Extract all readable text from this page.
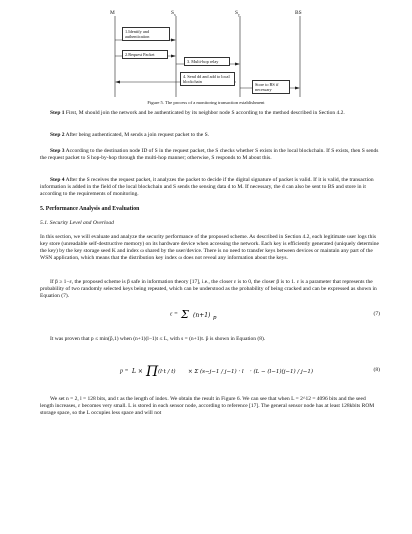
M	$S_x$	$S_y$	BS
1.Identify and authentication
2.Request Packet
3. Multi-hop relay
4. Send dd and add to local blockchain
Store to BS if necessary
Figure 5. The process of a monitoring transaction establishment
Step 1 First, M should join the network and be authenticated by its neighbor node S according to the method described in Section 4.2.
Step 2 After being authenticated, M sends a join request packet to the S.
Step 3 According to the destination node ID of S in the request packet, the S checks whether S exists in the local blockchain. If S exists, then S sends the request packet to S hop-by-hop through the multi-hop manner; otherwise, S responds to M about this.
Step 4 After the S receives the request packet, it analyzes the packet to decide if the digital signature of packet is valid. If it is valid, the transaction information is added in the field of the local blockchain and S sends the sensing data d to M. If necessary, the d can also be sent to BS and store in it according to the requirements of monitoring.
5. Performance Analysis and Evaluation
5.1. Security Level and Overload
In this section, we will evaluate and analyze the security performance of the proposed scheme. As described in Section 4.2, each legitimate user logs this key store (unreadable self-destructive memory) on its hardware device when accessing the network. Each key is efficiently generated (uniquely determine the key) by the key storage seed K and index ω shared by the user/device. There is no need to transfer keys between devices or maintain any part of the WSN application, which means that the distribution key index ω does not reveal any information about the keys.
If β ≥ 1−ε, the proposed scheme is β safe in information theory [17], i.e., the closer ε is to 0, the closer β is to 1. ε is a parameter that represents the probability of two randomly selected keys being repeated, which can be understood as the probability of being cracked and can be expressed as shown in Equation (7).
ε = Σ (n+1) p
(7)
It was proven that p ≤ min(p̂,1) when (n+1)(l−1)t ≤ L, with s = (n+1)t. p̂ is shown in Equation (8).
p = L × Π (l·t / t) × Σ (s−j−1 / j−1) · l · (L − (l−1)(j−1) / j−1)	(8)
We set n = 2, l = 128 bits, and t as the length of index. We obtain the result in Figure 6. We can see that when L = 2^12 = 4096 bits and the seed length increases, ε becomes very small. L is stored in each sensor node, according to reference [17]. The general sensor node has at least 128kbits ROM storage space, so the L occupies less space and will not
